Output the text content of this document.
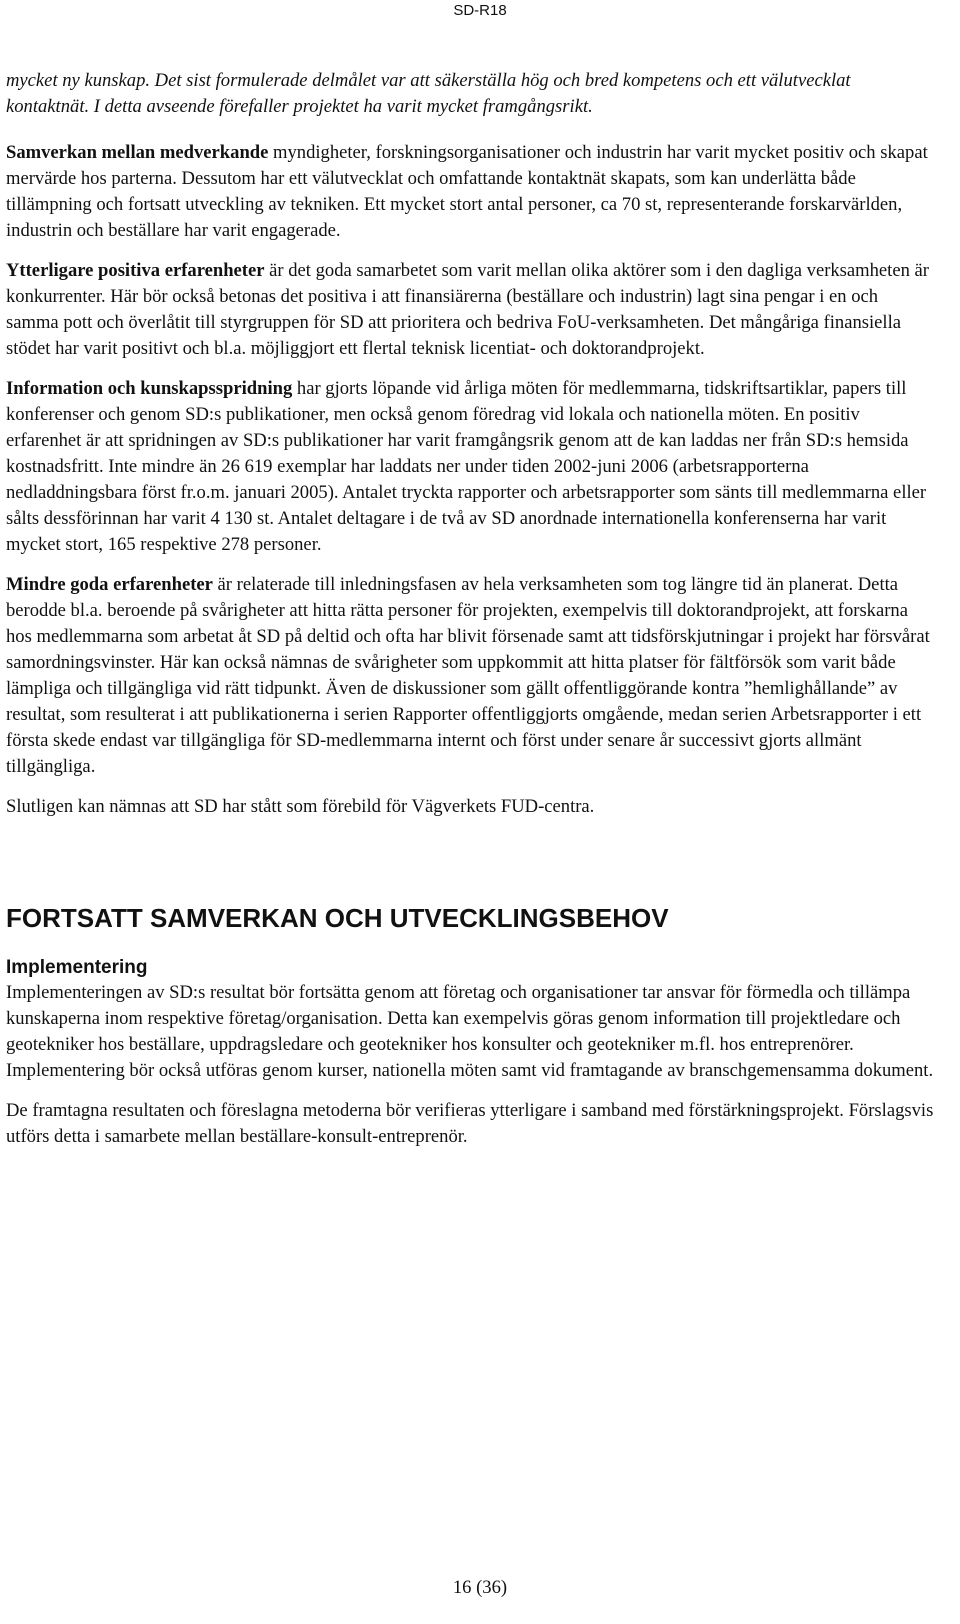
SD-R18

mycket ny kunskap. Det sist formulerade delmålet var att säkerställa hög och bred kompetens och ett välutvecklat kontaktnät. I detta avseende förefaller projektet ha varit mycket framgångsrikt.

Samverkan mellan medverkande myndigheter, forskningsorganisationer och industrin har varit mycket positiv och skapat mervärde hos parterna. Dessutom har ett välutvecklat och omfattande kontaktnät skapats, som kan underlätta både tillämpning och fortsatt utveckling av tekniken. Ett mycket stort antal personer, ca 70 st, representerande forskarvärlden, industrin och beställare har varit engagerade.

Ytterligare positiva erfarenheter är det goda samarbetet som varit mellan olika aktörer som i den dagliga verksamheten är konkurrenter. Här bör också betonas det positiva i att finansiärerna (beställare och industrin) lagt sina pengar i en och samma pott och överlåtit till styrgruppen för SD att prioritera och bedriva FoU-verksamheten. Det mångåriga finansiella stödet har varit positivt och bl.a. möjliggjort ett flertal teknisk licentiat- och doktorandprojekt.

Information och kunskapsspridning har gjorts löpande vid årliga möten för medlemmarna, tidskriftsartiklar, papers till konferenser och genom SD:s publikationer, men också genom föredrag vid lokala och nationella möten. En positiv erfarenhet är att spridningen av SD:s publikationer har varit framgångsrik genom att de kan laddas ner från SD:s hemsida kostnadsfritt. Inte mindre än 26 619 exemplar har laddats ner under tiden 2002-juni 2006 (arbetsrapporterna nedladdningsbara först fr.o.m. januari 2005). Antalet tryckta rapporter och arbetsrapporter som sänts till medlemmarna eller sålts dessförinnan har varit 4 130 st. Antalet deltagare i de två av SD anordnade internationella konferenserna har varit mycket stort, 165 respektive 278 personer.

Mindre goda erfarenheter är relaterade till inledningsfasen av hela verksamheten som tog längre tid än planerat. Detta berodde bl.a. beroende på svårigheter att hitta rätta personer för projekten, exempelvis till doktorandprojekt, att forskarna hos medlemmarna som arbetat åt SD på deltid och ofta har blivit försenade samt att tidsförskjutningar i projekt har försvårat samordningsvinster. Här kan också nämnas de svårigheter som uppkommit att hitta platser för fältförsök som varit både lämpliga och tillgängliga vid rätt tidpunkt. Även de diskussioner som gällt offentliggörande kontra ”hemlighållande” av resultat, som resulterat i att publikationerna i serien Rapporter offentliggjorts omgående, medan serien Arbetsrapporter i ett första skede endast var tillgängliga för SD-medlemmarna internt och först under senare år successivt gjorts allmänt tillgängliga.

Slutligen kan nämnas att SD har stått som förebild för Vägverkets FUD-centra.

FORTSATT SAMVERKAN OCH UTVECKLINGSBEHOV
Implementering

Implementeringen av SD:s resultat bör fortsätta genom att företag och organisationer tar ansvar för förmedla och tillämpa kunskaperna inom respektive företag/organisation. Detta kan exempelvis göras genom information till projektledare och geotekniker hos beställare, uppdragsledare och geotekniker hos konsulter och geotekniker m.fl. hos entreprenörer. Implementering bör också utföras genom kurser, nationella möten samt vid framtagande av branschgemensamma dokument.

De framtagna resultaten och föreslagna metoderna bör verifieras ytterligare i samband med förstärkningsprojekt. Förslagsvis utförs detta i samarbete mellan beställare-konsult-entreprenör.

16 (36)
